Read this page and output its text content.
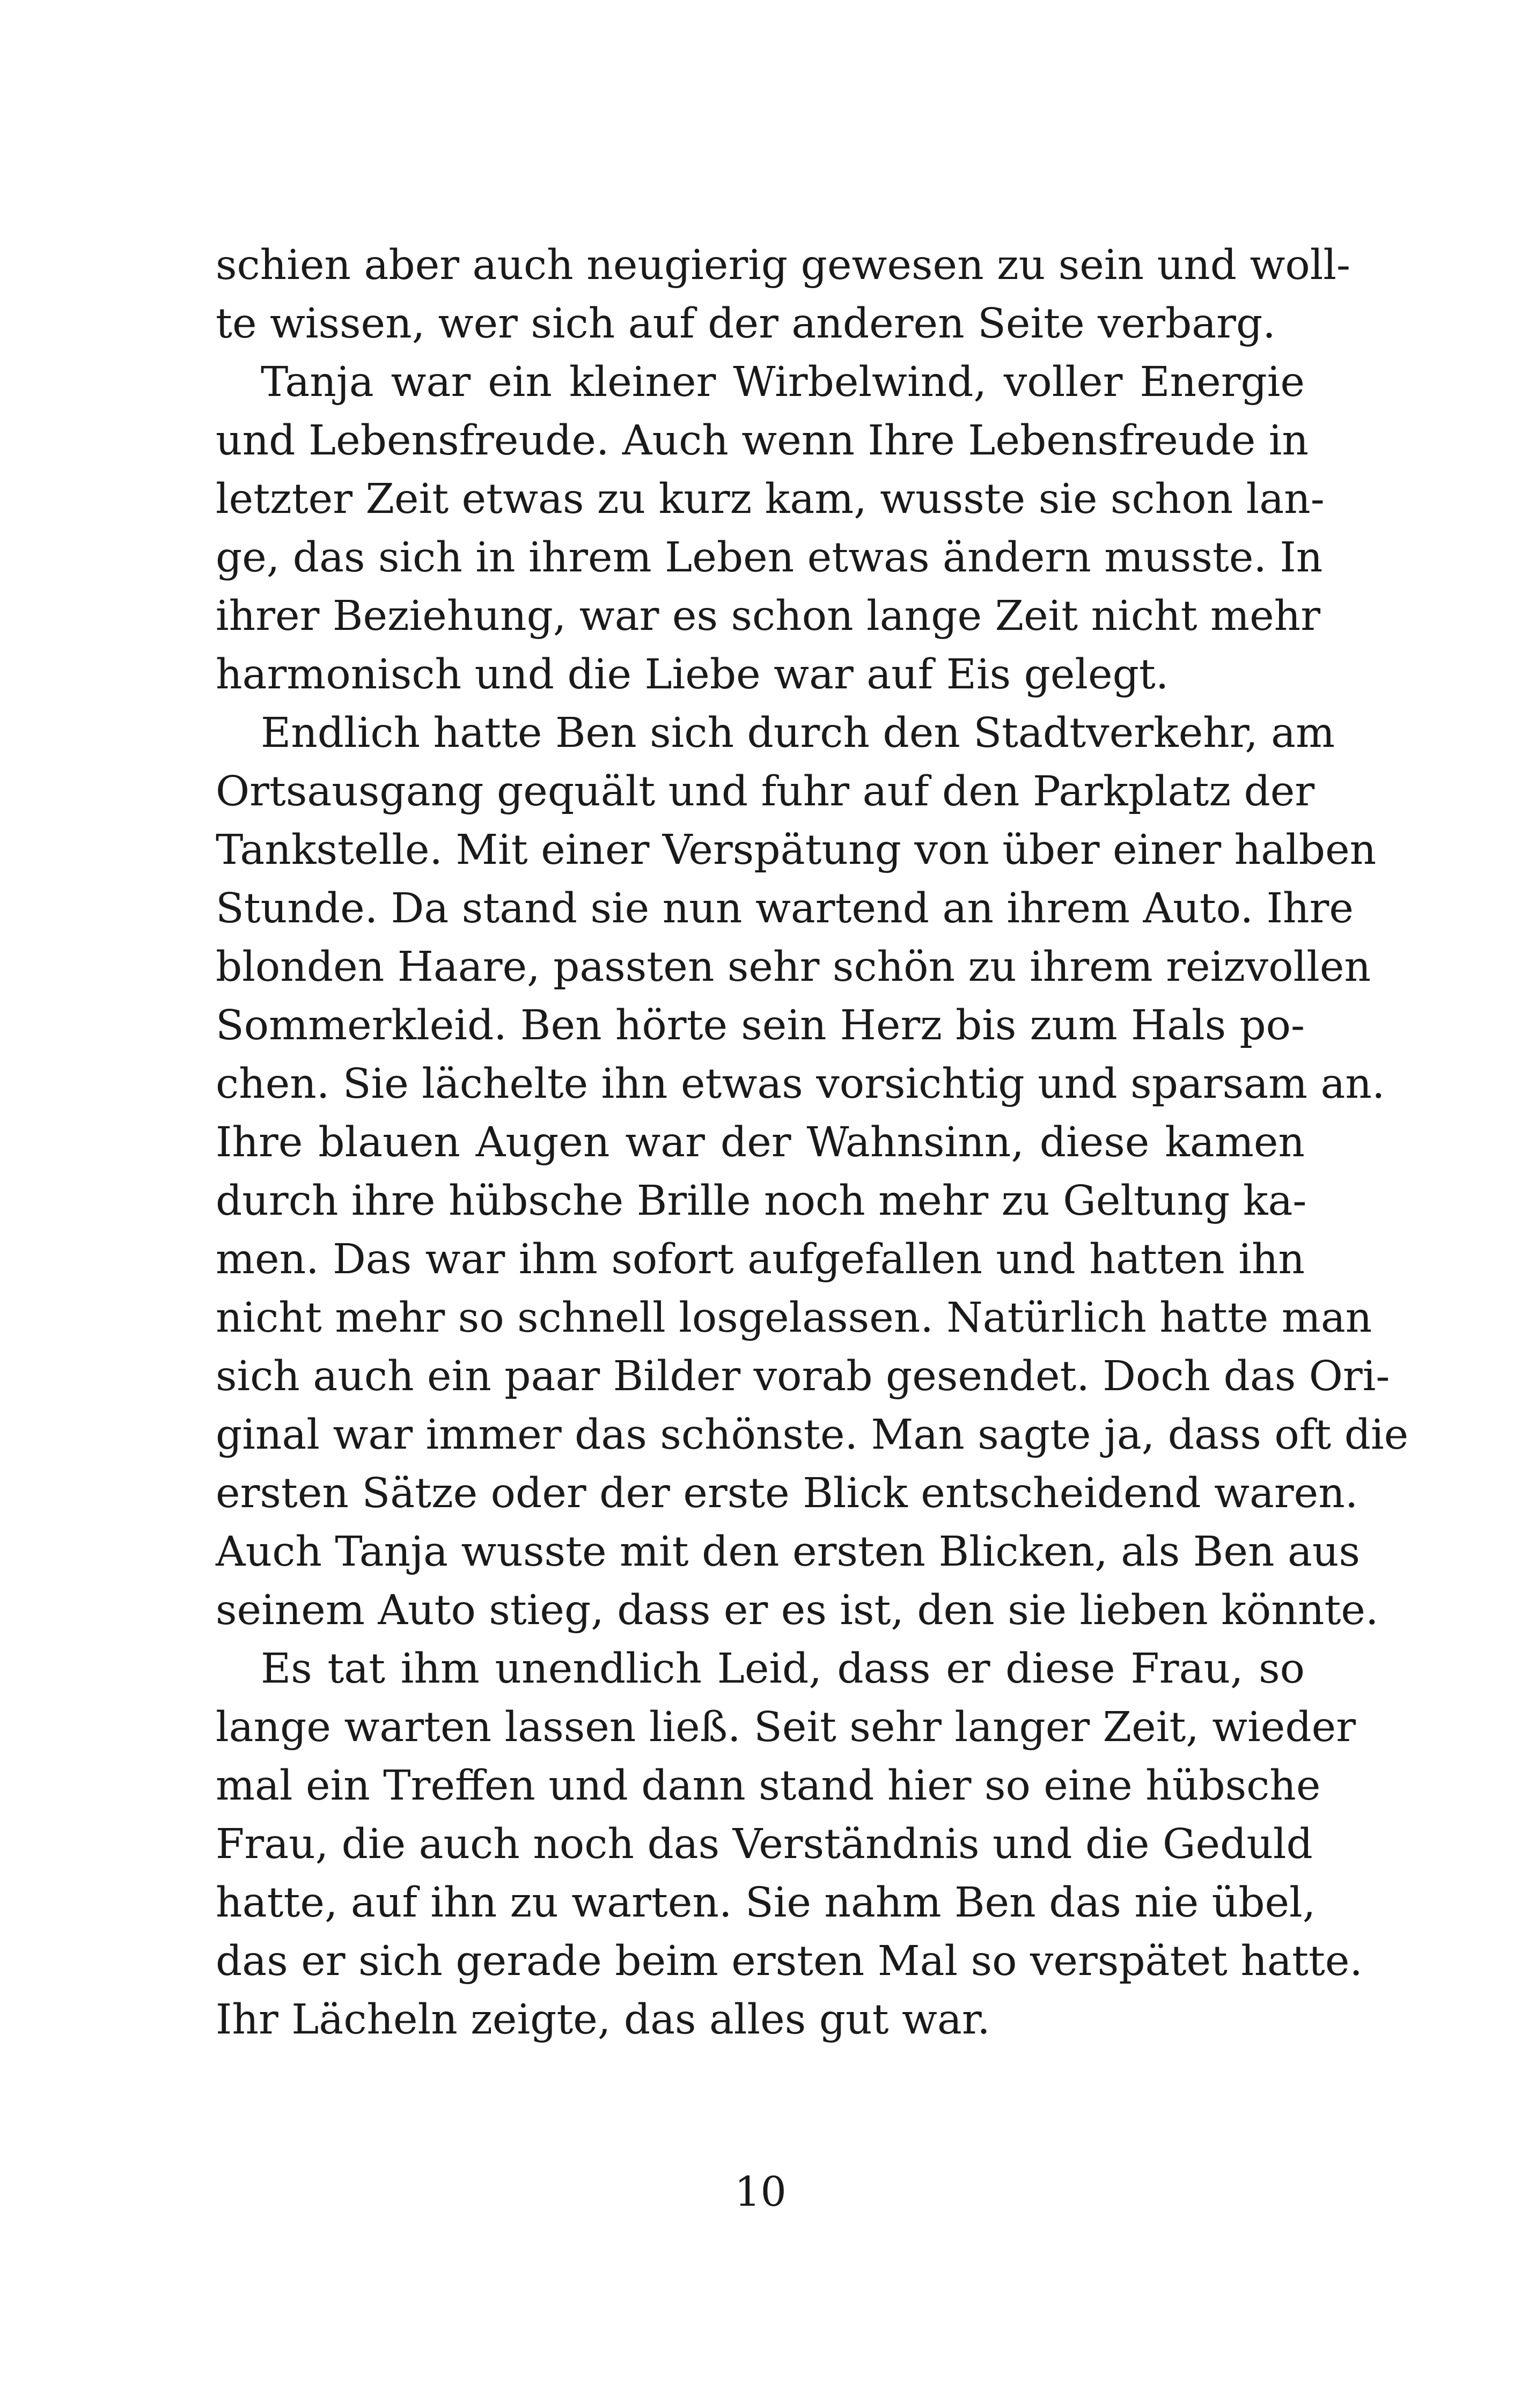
schien aber auch neugierig gewesen zu sein und woll-
te wissen, wer sich auf der anderen Seite verbarg.
Tanja war ein kleiner Wirbelwind, voller Energie
und Lebensfreude. Auch wenn Ihre Lebensfreude in
letzter Zeit etwas zu kurz kam, wusste sie schon lan-
ge, das sich in ihrem Leben etwas ändern musste. In
ihrer Beziehung, war es schon lange Zeit nicht mehr
harmonisch und die Liebe war auf Eis gelegt.
Endlich hatte Ben sich durch den Stadtverkehr, am
Ortsausgang gequält und fuhr auf den Parkplatz der
Tankstelle. Mit einer Verspätung von über einer halben
Stunde. Da stand sie nun wartend an ihrem Auto. Ihre
blonden Haare, passten sehr schön zu ihrem reizvollen
Sommerkleid. Ben hörte sein Herz bis zum Hals po-
chen. Sie lächelte ihn etwas vorsichtig und sparsam an.
Ihre blauen Augen war der Wahnsinn, diese kamen
durch ihre hübsche Brille noch mehr zu Geltung ka-
men. Das war ihm sofort aufgefallen und hatten ihn
nicht mehr so schnell losgelassen. Natürlich hatte man
sich auch ein paar Bilder vorab gesendet. Doch das Ori-
ginal war immer das schönste. Man sagte ja, dass oft die
ersten Sätze oder der erste Blick entscheidend waren.
Auch Tanja wusste mit den ersten Blicken, als Ben aus
seinem Auto stieg, dass er es ist, den sie lieben könnte.
Es tat ihm unendlich Leid, dass er diese Frau, so
lange warten lassen ließ. Seit sehr langer Zeit, wieder
mal ein Treffen und dann stand hier so eine hübsche
Frau, die auch noch das Verständnis und die Geduld
hatte, auf ihn zu warten. Sie nahm Ben das nie übel,
das er sich gerade beim ersten Mal so verspätet hatte.
Ihr Lächeln zeigte, das alles gut war.
10
